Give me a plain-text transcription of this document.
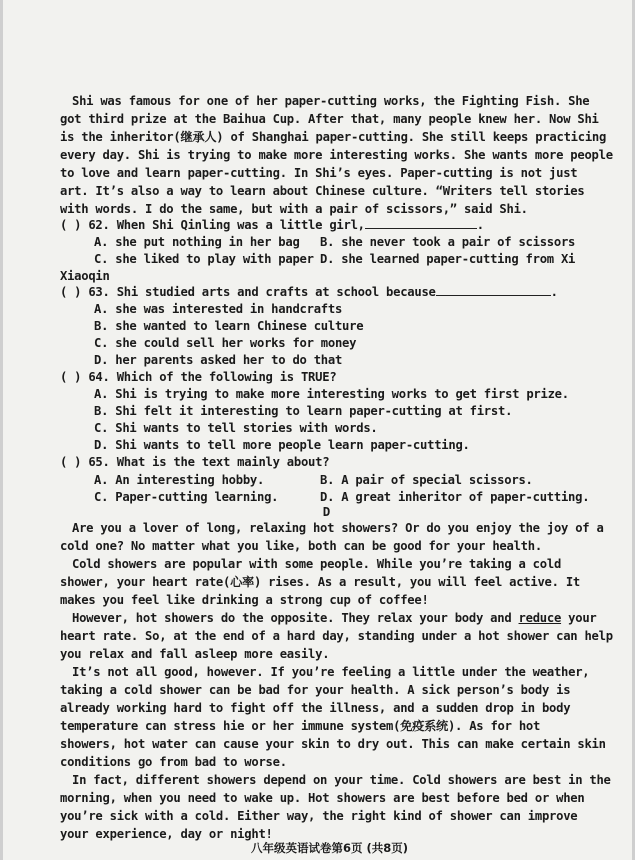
Shi was famous for one of her paper-cutting works, the Fighting Fish. She
got third prize at the Baihua Cup. After that, many people knew her. Now Shi
is the inheritor(继承人) of Shanghai paper-cutting. She still keeps practicing
every day. Shi is trying to make more interesting works. She wants more people
to love and learn paper-cutting. In Shi’s eyes. Paper-cutting is not just
art. It’s also a way to learn about Chinese culture. “Writers tell stories
with words. I do the same, but with a pair of scissors,” said Shi.
( ) 62. When Shi Qinling was a little girl,	.
A. she put nothing in her bag B. she never took a pair of scissors
C. she liked to play with paper D. she learned paper-cutting from Xi
Xiaoqin
( ) 63. Shi studied arts and crafts at school because	.
A. she was interested in handcrafts
B. she wanted to learn Chinese culture
C. she could sell her works for money
D. her parents asked her to do that
( ) 64. Which of the following is TRUE?
A. Shi is trying to make more interesting works to get first prize.
B. Shi felt it interesting to learn paper-cutting at first.
C. Shi wants to tell stories with words.
D. Shi wants to tell more people learn paper-cutting.
( ) 65. What is the text mainly about?
A. An interesting hobby.	B. A pair of special scissors.
C. Paper-cutting learning.	D. A great inheritor of paper-cutting.
D
Are you a lover of long, relaxing hot showers? Or do you enjoy the joy of a
cold one? No matter what you like, both can be good for your health.
Cold showers are popular with some people. While you’re taking a cold
shower, your heart rate(心率) rises. As a result, you will feel active. It
makes you feel like drinking a strong cup of coffee!
However, hot showers do the opposite. They relax your body and reduce your
heart rate. So, at the end of a hard day, standing under a hot shower can help
you relax and fall asleep more easily.
It’s not all good, however. If you’re feeling a little under the weather,
taking a cold shower can be bad for your health. A sick person’s body is
already working hard to fight off the illness, and a sudden drop in body
temperature can stress hie or her immune system(免疫系统). As for hot
showers, hot water can cause your skin to dry out. This can make certain skin
conditions go from bad to worse.
In fact, different showers depend on your time. Cold showers are best in the
morning, when you need to wake up. Hot showers are best before bed or when
you’re sick with a cold. Either way, the right kind of shower can improve
your experience, day or night!
八年级英语试卷第6页 (共8页)
